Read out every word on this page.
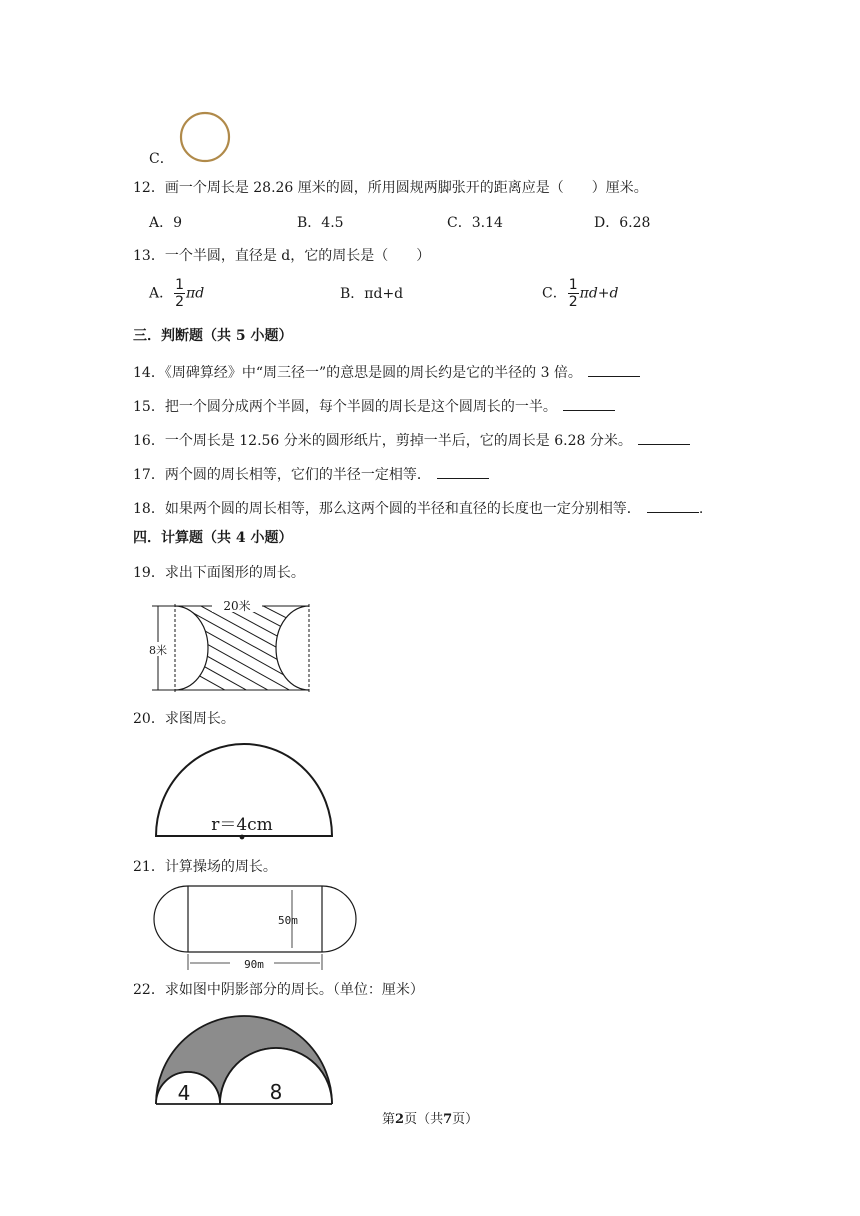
C．
12．画一个周长是 28.26 厘米的圆，所用圆规两脚张开的距离应是（　　）厘米。
A．9	B．4.5	C．3.14	D．6.28
13．一个半圆，直径是 d，它的周长是（　　）
A． $\frac{1}{2}$ πd	B．πd+d	C． $\frac{1}{2} \pi d+d$
三．判断题（共 5 小题）
14．《周碑算经》中“周三径一”的意思是圆的周长约是它的半径的 3 倍。
15．把一个圆分成两个半圆，每个半圆的周长是这个圆周长的一半。
16．一个周长是 12.56 分米的圆形纸片，剪掉一半后，它的周长是 6.28 分米。
17．两个圆的周长相等，它们的半径一定相等．
18．如果两个圆的周长相等，那么这两个圆的半径和直径的长度也一定分别相等．	.
四．计算题（共 4 小题）
19．求出下面图形的周长。
20米
8米
20．求图周长。
r＝4cm
21．计算操场的周长。
50m
90m
22．求如图中阴影部分的周长。（单位：厘米）
4	8
第2页（共7页）
